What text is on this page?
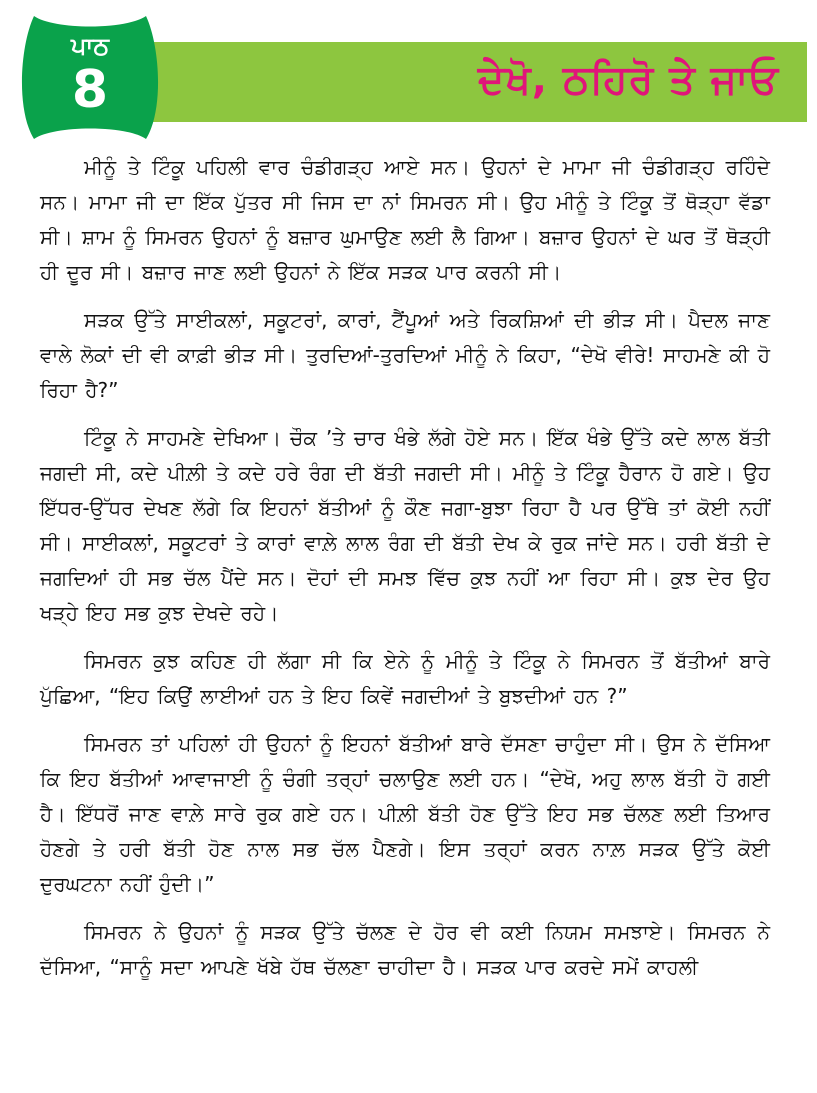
ਦੇਖੋ, ਠਹਿਰੋ ਤੇ ਜਾਓ
ਪਾਠ
8

ਮੀਨੂੰ ਤੇ ਟਿੰਕੂ ਪਹਿਲੀ ਵਾਰ ਚੰਡੀਗੜ੍ਹ ਆਏ ਸਨ। ਉਹਨਾਂ ਦੇ ਮਾਮਾ ਜੀ ਚੰਡੀਗੜ੍ਹ ਰਹਿੰਦੇ ਸਨ। ਮਾਮਾ ਜੀ ਦਾ ਇੱਕ ਪੁੱਤਰ ਸੀ ਜਿਸ ਦਾ ਨਾਂ ਸਿਮਰਨ ਸੀ। ਉਹ ਮੀਨੂੰ ਤੇ ਟਿੰਕੂ ਤੋਂ ਥੋੜ੍ਹਾ ਵੱਡਾ ਸੀ। ਸ਼ਾਮ ਨੂੰ ਸਿਮਰਨ ਉਹਨਾਂ ਨੂੰ ਬਜ਼ਾਰ ਘੁਮਾਉਣ ਲਈ ਲੈ ਗਿਆ। ਬਜ਼ਾਰ ਉਹਨਾਂ ਦੇ ਘਰ ਤੋਂ ਥੋੜ੍ਹੀ ਹੀ ਦੂਰ ਸੀ। ਬਜ਼ਾਰ ਜਾਣ ਲਈ ਉਹਨਾਂ ਨੇ ਇੱਕ ਸੜਕ ਪਾਰ ਕਰਨੀ ਸੀ।

ਸੜਕ ਉੱਤੇ ਸਾਈਕਲਾਂ, ਸਕੂਟਰਾਂ, ਕਾਰਾਂ, ਟੈਂਪੂਆਂ ਅਤੇ ਰਿਕਸ਼ਿਆਂ ਦੀ ਭੀੜ ਸੀ। ਪੈਦਲ ਜਾਣ ਵਾਲੇ ਲੋਕਾਂ ਦੀ ਵੀ ਕਾਫ਼ੀ ਭੀੜ ਸੀ। ਤੁਰਦਿਆਂ-ਤੁਰਦਿਆਂ ਮੀਨੂੰ ਨੇ ਕਿਹਾ, “ਦੇਖੋ ਵੀਰੇ! ਸਾਹਮਣੇ ਕੀ ਹੋ ਰਿਹਾ ਹੈ?”

ਟਿੰਕੂ ਨੇ ਸਾਹਮਣੇ ਦੇਖਿਆ। ਚੌਕ ’ਤੇ ਚਾਰ ਖੰਭੇ ਲੱਗੇ ਹੋਏ ਸਨ। ਇੱਕ ਖੰਭੇ ਉੱਤੇ ਕਦੇ ਲਾਲ ਬੱਤੀ ਜਗਦੀ ਸੀ, ਕਦੇ ਪੀਲ਼ੀ ਤੇ ਕਦੇ ਹਰੇ ਰੰਗ ਦੀ ਬੱਤੀ ਜਗਦੀ ਸੀ। ਮੀਨੂੰ ਤੇ ਟਿੰਕੂ ਹੈਰਾਨ ਹੋ ਗਏ। ਉਹ ਇੱਧਰ-ਉੱਧਰ ਦੇਖਣ ਲੱਗੇ ਕਿ ਇਹਨਾਂ ਬੱਤੀਆਂ ਨੂੰ ਕੌਣ ਜਗਾ-ਬੁਝਾ ਰਿਹਾ ਹੈ ਪਰ ਉੱਥੇ ਤਾਂ ਕੋਈ ਨਹੀਂ ਸੀ। ਸਾਈਕਲਾਂ, ਸਕੂਟਰਾਂ ਤੇ ਕਾਰਾਂ ਵਾਲ਼ੇ ਲਾਲ ਰੰਗ ਦੀ ਬੱਤੀ ਦੇਖ ਕੇ ਰੁਕ ਜਾਂਦੇ ਸਨ। ਹਰੀ ਬੱਤੀ ਦੇ ਜਗਦਿਆਂ ਹੀ ਸਭ ਚੱਲ ਪੈਂਦੇ ਸਨ। ਦੋਹਾਂ ਦੀ ਸਮਝ ਵਿੱਚ ਕੁਝ ਨਹੀਂ ਆ ਰਿਹਾ ਸੀ। ਕੁਝ ਦੇਰ ਉਹ ਖੜ੍ਹੇ ਇਹ ਸਭ ਕੁਝ ਦੇਖਦੇ ਰਹੇ।

ਸਿਮਰਨ ਕੁਝ ਕਹਿਣ ਹੀ ਲੱਗਾ ਸੀ ਕਿ ਏਨੇ ਨੂੰ ਮੀਨੂੰ ਤੇ ਟਿੰਕੂ ਨੇ ਸਿਮਰਨ ਤੋਂ ਬੱਤੀਆਂ ਬਾਰੇ ਪੁੱਛਿਆ, “ਇਹ ਕਿਉਂ ਲਾਈਆਂ ਹਨ ਤੇ ਇਹ ਕਿਵੇਂ ਜਗਦੀਆਂ ਤੇ ਬੁਝਦੀਆਂ ਹਨ ?”

ਸਿਮਰਨ ਤਾਂ ਪਹਿਲਾਂ ਹੀ ਉਹਨਾਂ ਨੂੰ ਇਹਨਾਂ ਬੱਤੀਆਂ ਬਾਰੇ ਦੱਸਣਾ ਚਾਹੁੰਦਾ ਸੀ। ਉਸ ਨੇ ਦੱਸਿਆ ਕਿ ਇਹ ਬੱਤੀਆਂ ਆਵਾਜਾਈ ਨੂੰ ਚੰਗੀ ਤਰ੍ਹਾਂ ਚਲਾਉਣ ਲਈ ਹਨ। “ਦੇਖੋ, ਅਹੁ ਲਾਲ ਬੱਤੀ ਹੋ ਗਈ ਹੈ। ਇੱਧਰੋਂ ਜਾਣ ਵਾਲ਼ੇ ਸਾਰੇ ਰੁਕ ਗਏ ਹਨ। ਪੀਲ਼ੀ ਬੱਤੀ ਹੋਣ ਉੱਤੇ ਇਹ ਸਭ ਚੱਲਣ ਲਈ ਤਿਆਰ ਹੋਣਗੇ ਤੇ ਹਰੀ ਬੱਤੀ ਹੋਣ ਨਾਲ ਸਭ ਚੱਲ ਪੈਣਗੇ। ਇਸ ਤਰ੍ਹਾਂ ਕਰਨ ਨਾਲ਼ ਸੜਕ ਉੱਤੇ ਕੋਈ ਦੁਰਘਟਨਾ ਨਹੀਂ ਹੁੰਦੀ।”

ਸਿਮਰਨ ਨੇ ਉਹਨਾਂ ਨੂੰ ਸੜਕ ਉੱਤੇ ਚੱਲਣ ਦੇ ਹੋਰ ਵੀ ਕਈ ਨਿਯਮ ਸਮਝਾਏ। ਸਿਮਰਨ ਨੇ ਦੱਸਿਆ, “ਸਾਨੂੰ ਸਦਾ ਆਪਣੇ ਖੱਬੇ ਹੱਥ ਚੱਲਣਾ ਚਾਹੀਦਾ ਹੈ। ਸੜਕ ਪਾਰ ਕਰਦੇ ਸਮੇਂ ਕਾਹਲੀ
